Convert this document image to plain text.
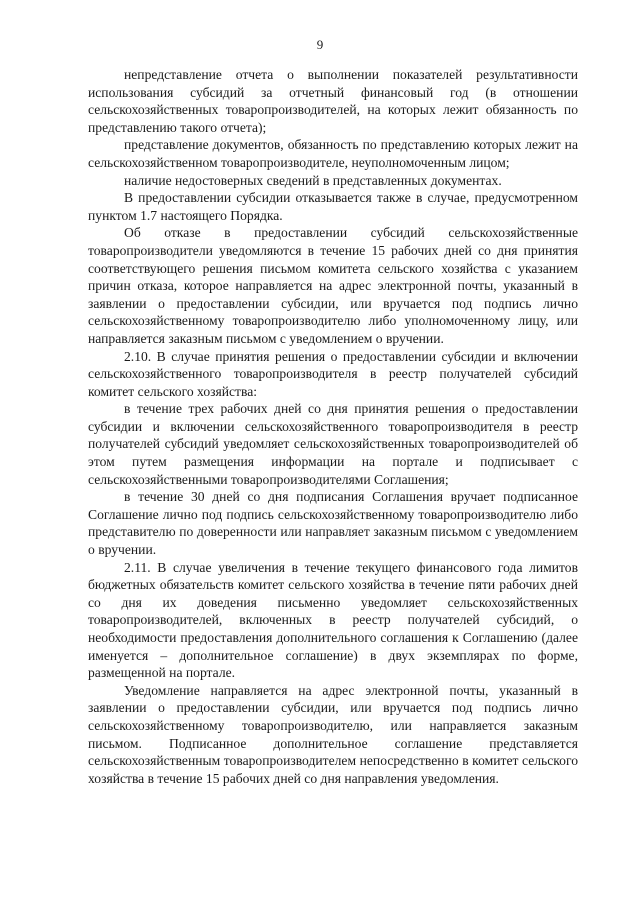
9

непредставление отчета о выполнении показателей результативности использования субсидий за отчетный финансовый год (в отношении сельскохозяйственных товаропроизводителей, на которых лежит обязанность по представлению такого отчета);

представление документов, обязанность по представлению которых лежит на сельскохозяйственном товаропроизводителе, неуполномоченным лицом;

наличие недостоверных сведений в представленных документах.

В предоставлении субсидии отказывается также в случае, предусмотренном пунктом 1.7 настоящего Порядка.

Об отказе в предоставлении субсидий сельскохозяйственные товаропроизводители уведомляются в течение 15 рабочих дней со дня принятия соответствующего решения письмом комитета сельского хозяйства с указанием причин отказа, которое направляется на адрес электронной почты, указанный в заявлении о предоставлении субсидии, или вручается под подпись лично сельскохозяйственному товаропроизводителю либо уполномоченному лицу, или направляется заказным письмом с уведомлением о вручении.

2.10. В случае принятия решения о предоставлении субсидии и включении сельскохозяйственного товаропроизводителя в реестр получателей субсидий комитет сельского хозяйства:

в течение трех рабочих дней со дня принятия решения о предоставлении субсидии и включении сельскохозяйственного товаропроизводителя в реестр получателей субсидий уведомляет сельскохозяйственных товаропроизводителей об этом путем размещения информации на портале и подписывает с сельскохозяйственными товаропроизводителями Соглашения;

в течение 30 дней со дня подписания Соглашения вручает подписанное Соглашение лично под подпись сельскохозяйственному товаропроизводителю либо представителю по доверенности или направляет заказным письмом с уведомлением о вручении.

2.11. В случае увеличения в течение текущего финансового года лимитов бюджетных обязательств комитет сельского хозяйства в течение пяти рабочих дней со дня их доведения письменно уведомляет сельскохозяйственных товаропроизводителей, включенных в реестр получателей субсидий, о необходимости предоставления дополнительного соглашения к Соглашению (далее именуется – дополнительное соглашение) в двух экземплярах по форме, размещенной на портале.

Уведомление направляется на адрес электронной почты, указанный в заявлении о предоставлении субсидии, или вручается под подпись лично сельскохозяйственному товаропроизводителю, или направляется заказным письмом. Подписанное дополнительное соглашение представляется сельскохозяйственным товаропроизводителем непосредственно в комитет сельского хозяйства в течение 15 рабочих дней со дня направления уведомления.
